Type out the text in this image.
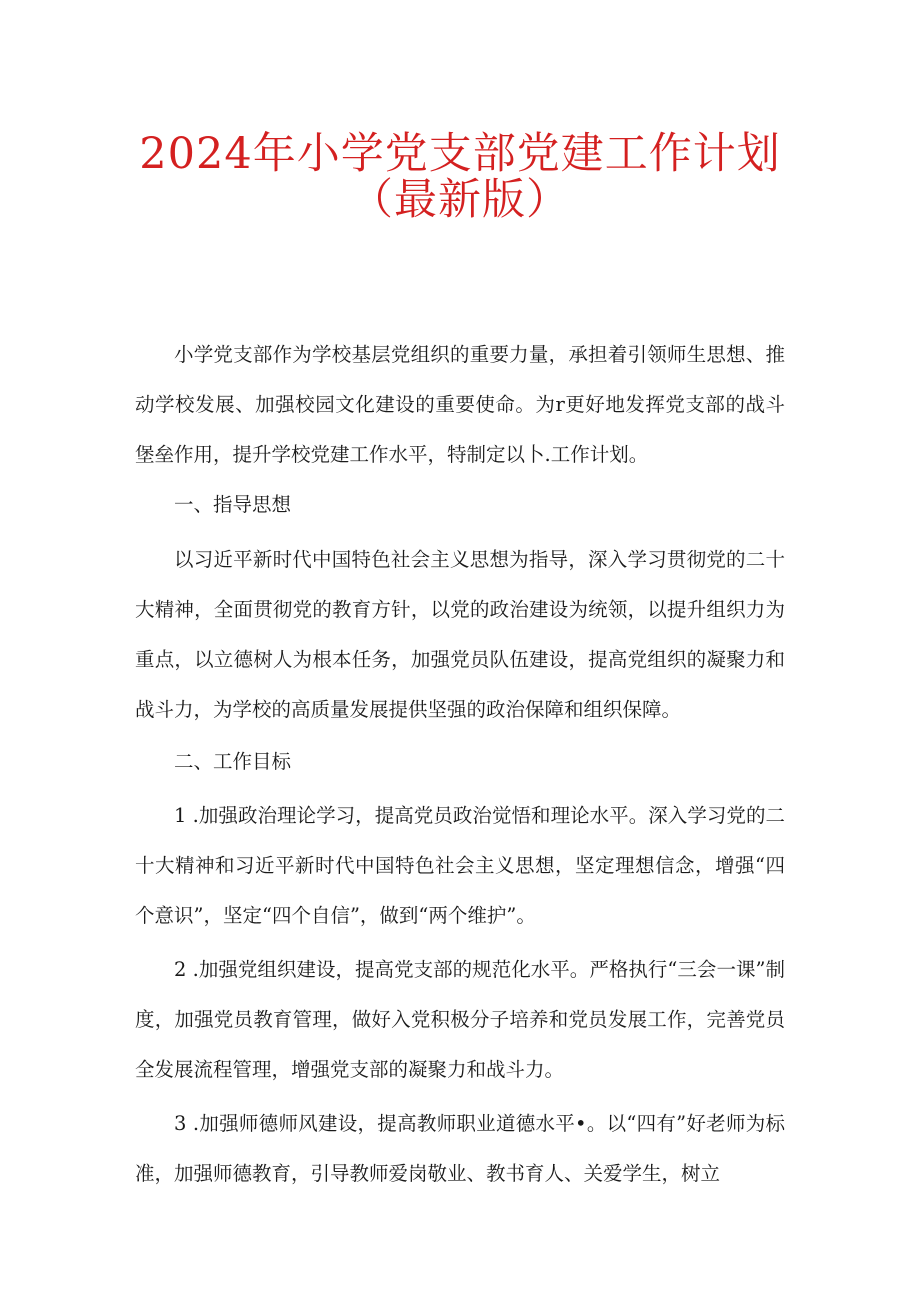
2024年小学党支部党建工作计划
（最新版）

小学党支部作为学校基层党组织的重要力量，承担着引领师生思想、推动学校发展、加强校园文化建设的重要使命。为r更好地发挥党支部的战斗堡垒作用，提升学校党建工作水平，特制定以卜.工作计划。

一、指导思想

以习近平新时代中国特色社会主义思想为指导，深入学习贯彻党的二十大精神，全面贯彻党的教育方针，以党的政治建设为统领，以提升组织力为重点，以立德树人为根本任务，加强党员队伍建设，提高党组织的凝聚力和战斗力，为学校的高质量发展提供坚强的政治保障和组织保障。

二、工作目标

1 .加强政治理论学习，提高党员政治觉悟和理论水平。深入学习党的二十大精神和习近平新时代中国特色社会主义思想，坚定理想信念，增强“四个意识”，坚定“四个自信”，做到“两个维护”。

2 .加强党组织建设，提高党支部的规范化水平。严格执行“三会一课”制度，加强党员教育管理，做好入党积极分子培养和党员发展工作，完善党员全发展流程管理，增强党支部的凝聚力和战斗力。

3 .加强师德师风建设，提高教师职业道德水平•。以“四有”好老师为标准，加强师德教育，引导教师爱岗敬业、教书育人、关爱学生，树立
